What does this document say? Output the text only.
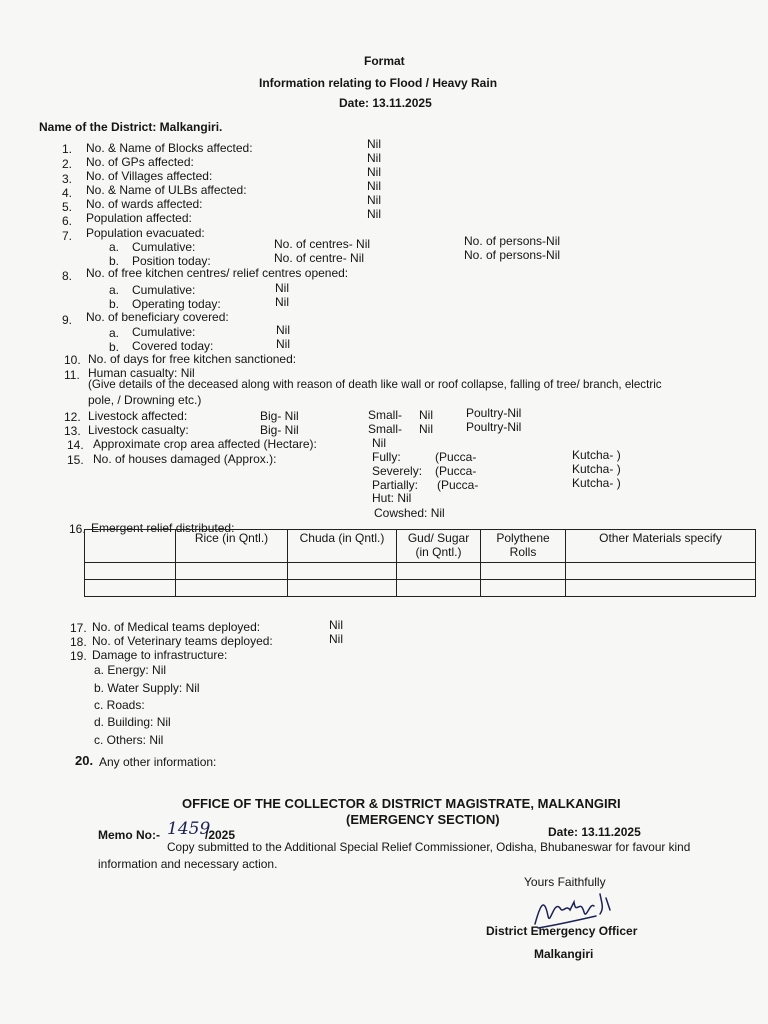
Format
Information relating to Flood / Heavy Rain
Date: 13.11.2025
Name of the District: Malkangiri.
1. No. & Name of Blocks affected:	Nil
2. No. of GPs affected:	Nil
3. No. of Villages affected:	Nil
4. No. & Name of ULBs affected:	Nil
5. No. of wards affected:	Nil
6. Population affected:	Nil
7. Population evacuated:
a. Cumulative:	No. of centres- Nil	No. of persons-Nil
b. Position today:	No. of centre- Nil	No. of persons-Nil
8. No. of free kitchen centres/ relief centres opened:
a. Cumulative:	Nil
b. Operating today:	Nil
9. No. of beneficiary covered:
a. Cumulative:	Nil
b. Covered today:	Nil
10. No. of days for free kitchen sanctioned:
11. Human casualty: Nil
(Give details of the deceased along with reason of death like wall or roof collapse, falling of tree/ branch, electric
pole, / Drowning etc.)
12. Livestock affected:	Big- Nil	Small- Nil	Poultry-Nil
13. Livestock casualty:	Big- Nil	Small- Nil	Poultry-Nil
14. Approximate crop area affected (Hectare):	Nil
15. No. of houses damaged (Approx.):	Fully:	(Pucca-	Kutcha- )
Severely: (Pucca-	Kutcha- )
Partially: (Pucca-	Kutcha- )
Hut: Nil
Cowshed: Nil
16. Emergent relief distributed:
	Rice (in Qntl.)	Chuda (in Qntl.)	Gud/ Sugar (in Qntl.)	Polythene Rolls	Other Materials specify

17. No. of Medical teams deployed:	Nil
18. No. of Veterinary teams deployed:	Nil
19. Damage to infrastructure:
a. Energy: Nil
b. Water Supply: Nil
c. Roads:
d. Building: Nil
c. Others: Nil
20. Any other information:
OFFICE OF THE COLLECTOR & DISTRICT MAGISTRATE, MALKANGIRI
(EMERGENCY SECTION)
Memo No:- 1459
/2025	Date: 13.11.2025
Copy submitted to the Additional Special Relief Commissioner, Odisha, Bhubaneswar for favour kind
information and necessary action.
Yours Faithfully
District Emergency Officer
Malkangiri
